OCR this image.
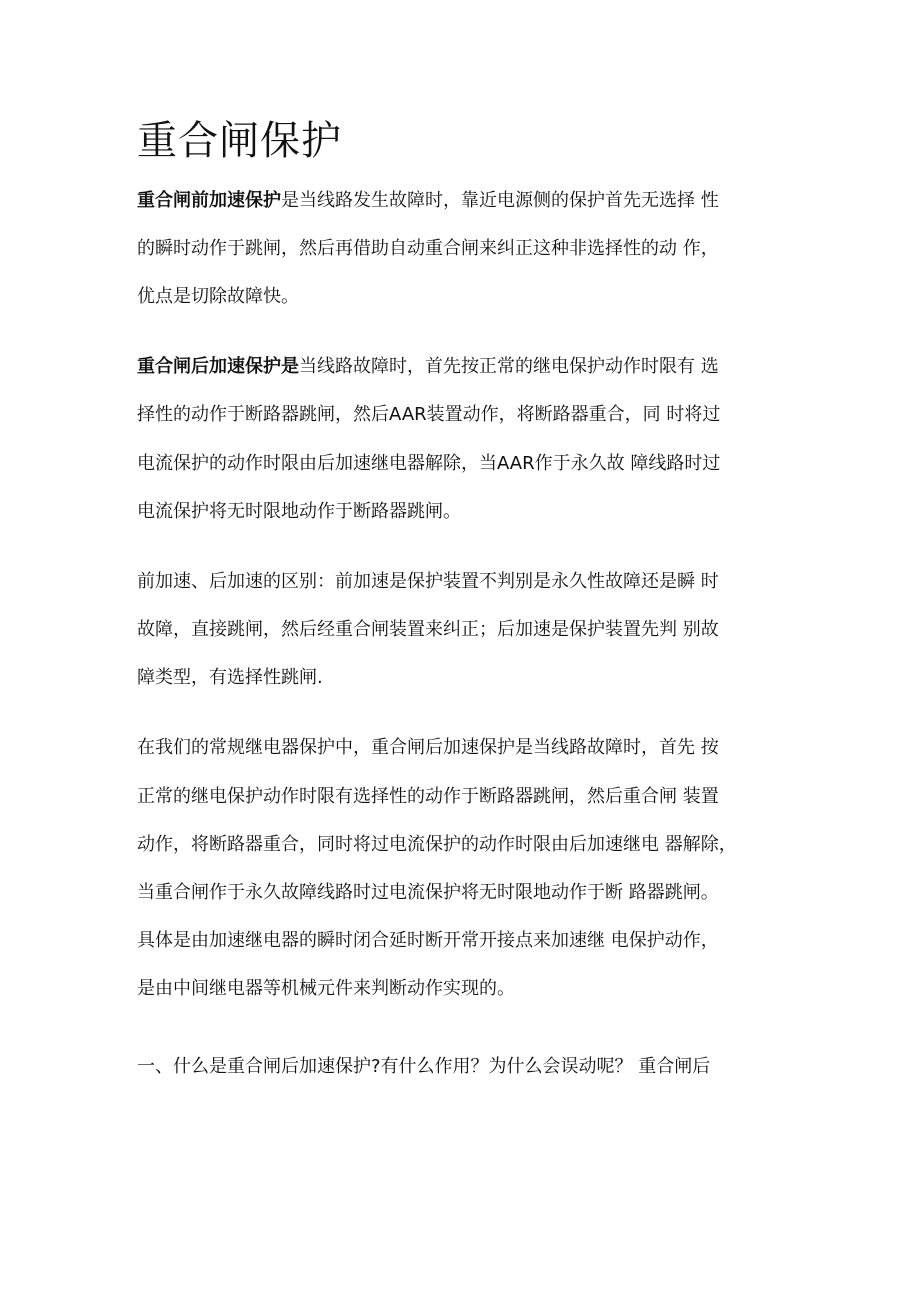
重合闸保护
重合闸前加速保护是当线路发生故障时，靠近电源侧的保护首先无选择 性
的瞬时动作于跳闸，然后再借助自动重合闸来纠正这种非选择性的动 作，
优点是切除故障快。
重合闸后加速保护是当线路故障时，首先按正常的继电保护动作时限有 选
择性的动作于断路器跳闸，然后AAR装置动作，将断路器重合，同 时将过
电流保护的动作时限由后加速继电器解除，当AAR作于永久故 障线路时过
电流保护将无时限地动作于断路器跳闸。
前加速、后加速的区别：前加速是保护装置不判别是永久性故障还是瞬 时
故障，直接跳闸，然后经重合闸装置来纠正；后加速是保护装置先判 别故
障类型，有选择性跳闸.
在我们的常规继电器保护中，重合闸后加速保护是当线路故障时，首先 按
正常的继电保护动作时限有选择性的动作于断路器跳闸，然后重合闸 装置
动作，将断路器重合，同时将过电流保护的动作时限由后加速继电 器解除，
当重合闸作于永久故障线路时过电流保护将无时限地动作于断 路器跳闸。
具体是由加速继电器的瞬时闭合延时断开常开接点来加速继 电保护动作，
是由中间继电器等机械元件来判断动作实现的。
一、什么是重合闸后加速保护?有什么作用？为什么会误动呢？ 重合闸后
